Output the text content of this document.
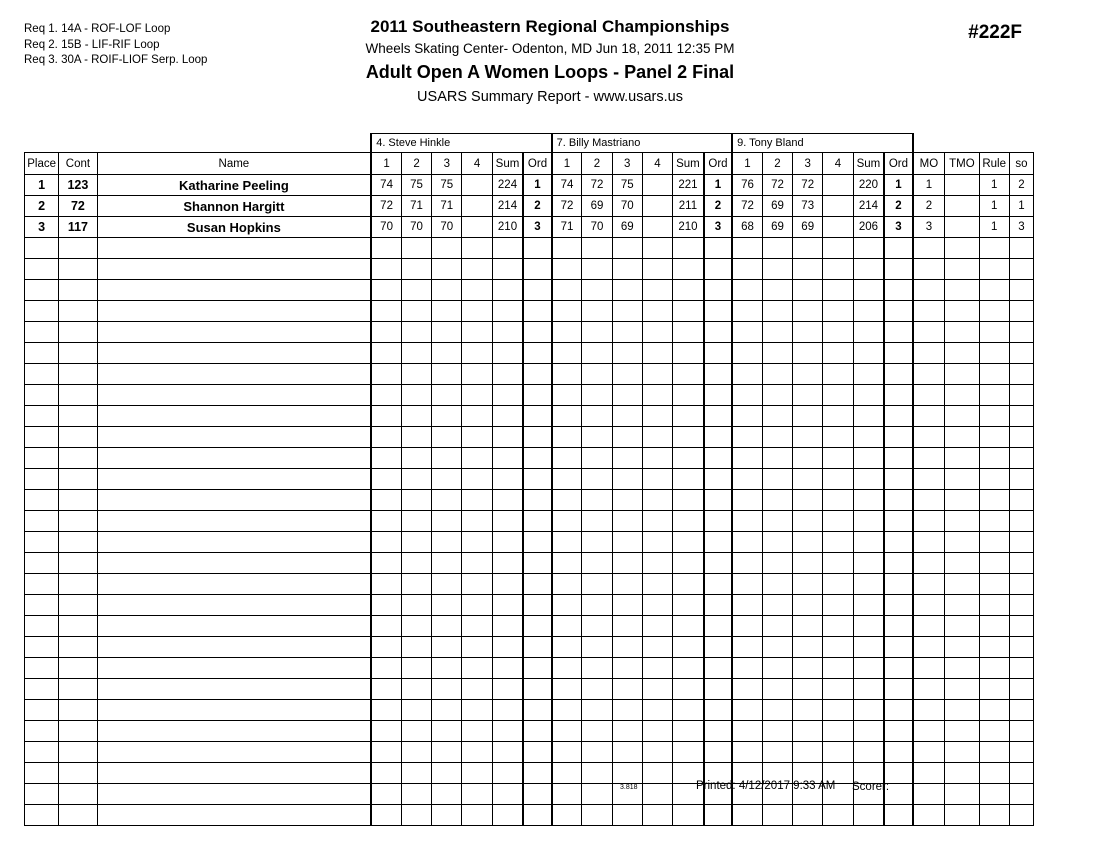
Req 1. 14A - ROF-LOF Loop
Req 2. 15B - LIF-RIF Loop
Req 3. 30A - ROIF-LIOF Serp. Loop
2011 Southeastern Regional Championships
Wheels Skating Center- Odenton, MD Jun 18, 2011 12:35 PM
Adult Open A Women Loops - Panel 2 Final
USARS Summary Report - www.usars.us
#222F
			4. Steve Hinkle						7. Billy Mastriano						9. Tony Bland									
Place	Cont	Name	1	2	3	4	Sum	Ord	1	2	3	4	Sum	Ord	1	2	3	4	Sum	Ord	MO	TMO	Rule	so
1	123	Katharine Peeling	74	75	75		224	1	74	72	75		221	1	76	72	72		220	1	1		1	2
2	72	Shannon Hargitt	72	71	71		214	2	72	69	70		211	2	72	69	73		214	2	2		1	1
3	117	Susan Hopkins	70	70	70		210	3	71	70	69		210	3	68	69	69		206	3	3		1	3

3.818	Printed: 4/12/2017 9:33 AM Scorer:
